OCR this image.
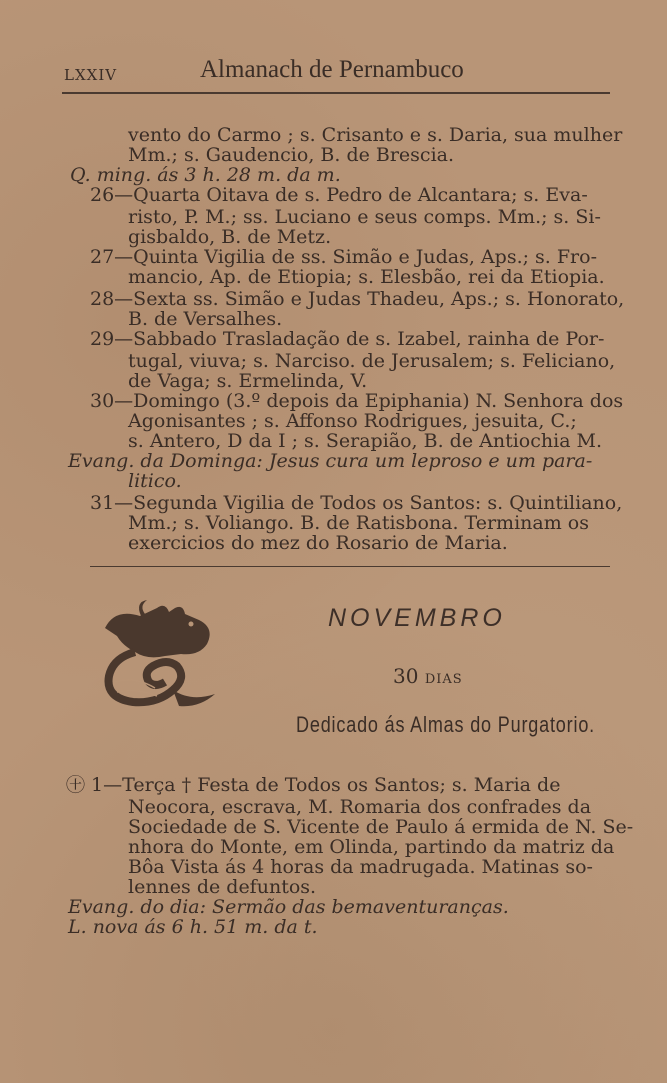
LXXIV	Almanach de Pernambuco
vento do Carmo ; s. Crisanto e s. Daria, sua mulher
Mm.; s. Gaudencio, B. de Brescia.
Q. ming. ás 3 h. 28 m. da m.
26—Quarta Oitava de s. Pedro de Alcantara; s. Eva-
risto, P. M.; ss. Luciano e seus comps. Mm.; s. Si-
gisbaldo, B. de Metz.
27—Quinta Vigilia de ss. Simão e Judas, Aps.; s. Fro-
mancio, Ap. de Etiopia; s. Elesbão, rei da Etiopia.
28—Sexta ss. Simão e Judas Thadeu, Aps.; s. Honorato,
B. de Versalhes.
29—Sabbado Trasladação de s. Izabel, rainha de Por-
tugal, viuva; s. Narciso. de Jerusalem; s. Feliciano,
de Vaga; s. Ermelinda, V.
30—Domingo (3.º depois da Epiphania) N. Senhora dos
Agonisantes ; s. Affonso Rodrigues, jesuita, C.;
s. Antero, D da I ; s. Serapião, B. de Antiochia M.
Evang. da Dominga: Jesus cura um leproso e um para-
litico.
31—Segunda Vigilia de Todos os Santos: s. Quintiliano,
Mm.; s. Voliango. B. de Ratisbona. Terminam os
exercicios do mez do Rosario de Maria.
NOVEMBRO
30 DIAS
Dedicado ás Almas do Purgatorio.
㊉ 1—Terça † Festa de Todos os Santos; s. Maria de
Neocora, escrava, M. Romaria dos confrades da
Sociedade de S. Vicente de Paulo á ermida de N. Se-
nhora do Monte, em Olinda, partindo da matriz da
Bôa Vista ás 4 horas da madrugada. Matinas so-
lennes de defuntos.
Evang. do dia: Sermão das bemaventuranças.
L. nova ás 6 h. 51 m. da t.
